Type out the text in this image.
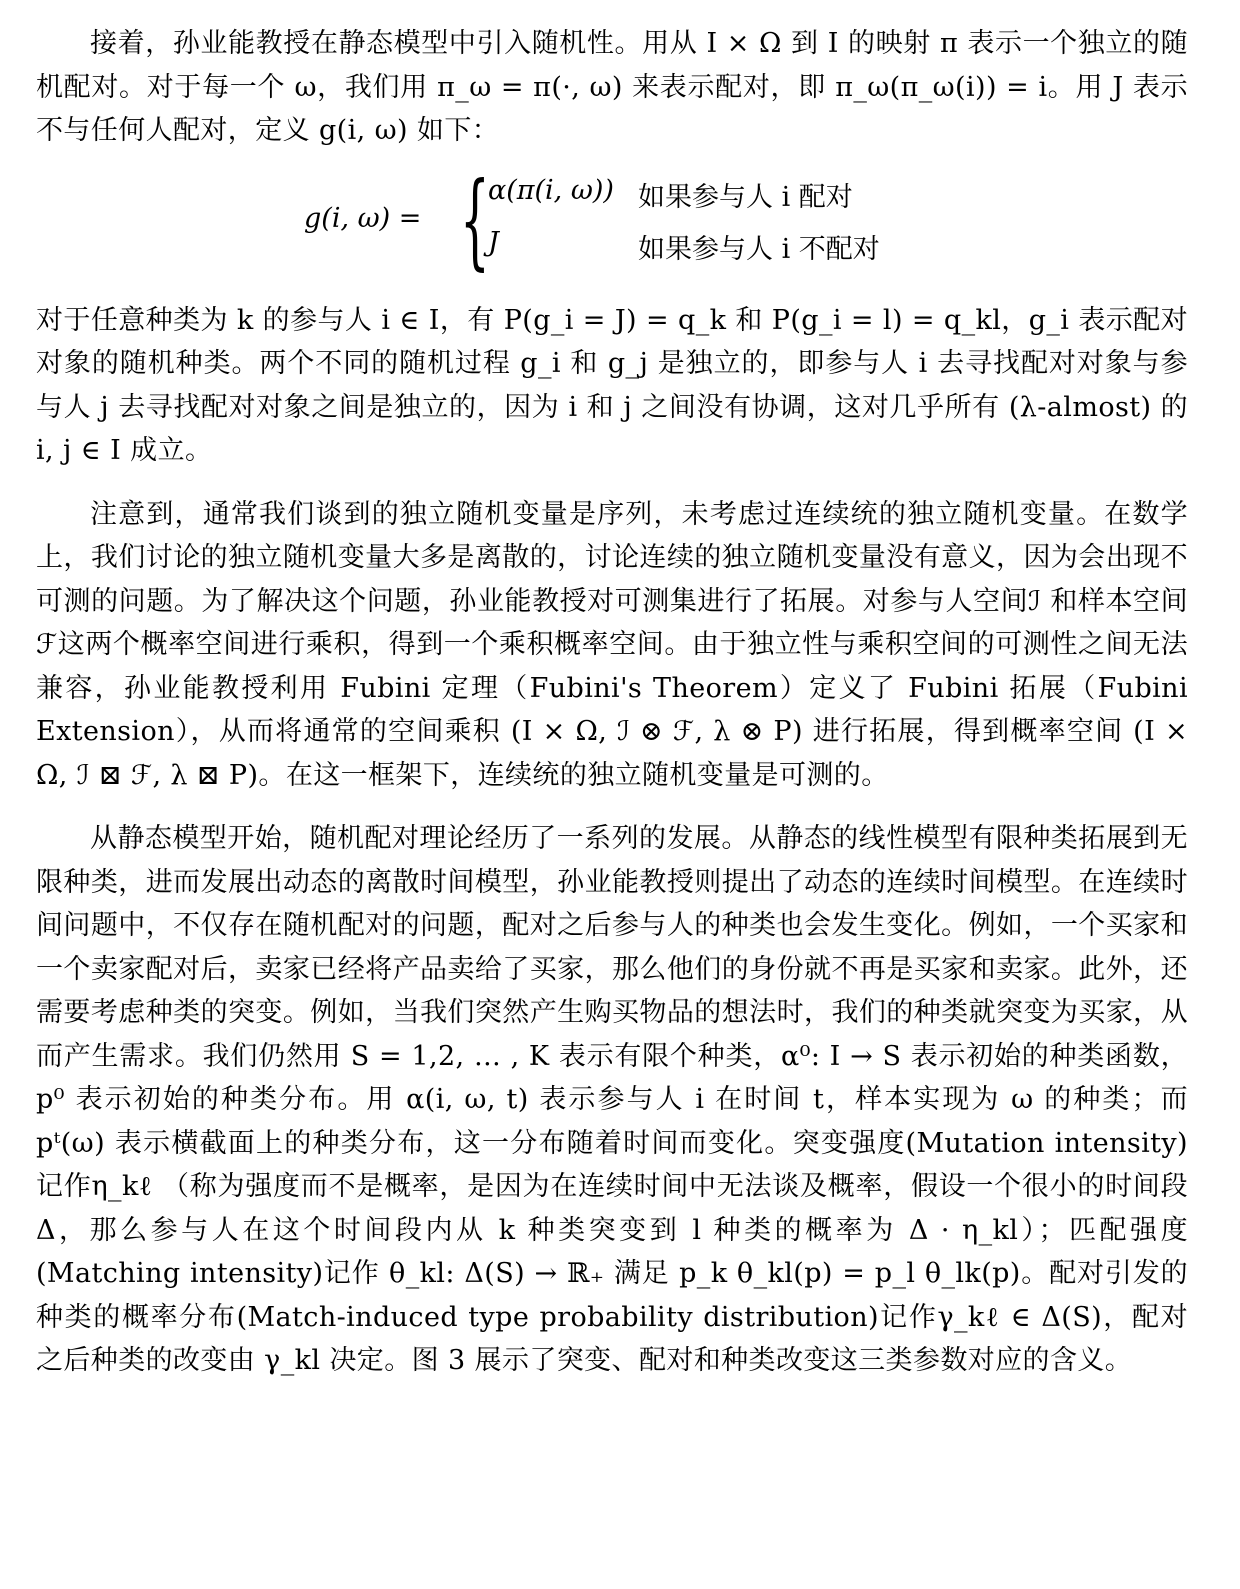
接着，孙业能教授在静态模型中引入随机性。用从 I × Ω 到 I 的映射 π 表示一个独立的随机配对。对于每一个 ω，我们用 π_ω = π(·, ω) 来表示配对，即 π_ω(π_ω(i)) = i。用 J 表示不与任何人配对，定义 g(i, ω) 如下：

g(i, ω) = {
α(π(i, ω)) 如果参与人 i 配对
J	如果参与人 i 不配对

对于任意种类为 k 的参与人 i ∈ I，有 P(g_i = J) = q_k 和 P(g_i = l) = q_kl，g_i 表示配对对象的随机种类。两个不同的随机过程 g_i 和 g_j 是独立的，即参与人 i 去寻找配对对象与参与人 j 去寻找配对对象之间是独立的，因为 i 和 j 之间没有协调，这对几乎所有 (λ-almost) 的 i, j ∈ I 成立。

注意到，通常我们谈到的独立随机变量是序列，未考虑过连续统的独立随机变量。在数学上，我们讨论的独立随机变量大多是离散的，讨论连续的独立随机变量没有意义，因为会出现不可测的问题。为了解决这个问题，孙业能教授对可测集进行了拓展。对参与人空间ℐ 和样本空间ℱ这两个概率空间进行乘积，得到一个乘积概率空间。由于独立性与乘积空间的可测性之间无法兼容，孙业能教授利用 Fubini 定理（Fubini's Theorem）定义了 Fubini 拓展（Fubini Extension），从而将通常的空间乘积 (I × Ω, ℐ ⊗ ℱ, λ ⊗ P) 进行拓展，得到概率空间 (I × Ω, ℐ ⊠ ℱ, λ ⊠ P)。在这一框架下，连续统的独立随机变量是可测的。

从静态模型开始，随机配对理论经历了一系列的发展。从静态的线性模型有限种类拓展到无限种类，进而发展出动态的离散时间模型，孙业能教授则提出了动态的连续时间模型。在连续时间问题中，不仅存在随机配对的问题，配对之后参与人的种类也会发生变化。例如，一个买家和一个卖家配对后，卖家已经将产品卖给了买家，那么他们的身份就不再是买家和卖家。此外，还需要考虑种类的突变。例如，当我们突然产生购买物品的想法时，我们的种类就突变为买家，从而产生需求。我们仍然用 S = 1,2, … , K 表示有限个种类，α⁰: I → S 表示初始的种类函数，p⁰ 表示初始的种类分布。用 α(i, ω, t) 表示参与人 i 在时间 t，样本实现为 ω 的种类；而 pᵗ(ω) 表示横截面上的种类分布，这一分布随着时间而变化。突变强度(Mutation intensity)记作η_kℓ （称为强度而不是概率，是因为在连续时间中无法谈及概率，假设一个很小的时间段 Δ，那么参与人在这个时间段内从 k 种类突变到 l 种类的概率为 Δ · η_kl）；匹配强度(Matching intensity)记作 θ_kl: Δ(S) → ℝ₊ 满足 p_k θ_kl(p) = p_l θ_lk(p)。配对引发的种类的概率分布(Match-induced type probability distribution)记作γ_kℓ ∈ Δ(S)，配对之后种类的改变由 γ_kl 决定。图 3 展示了突变、配对和种类改变这三类参数对应的含义。
